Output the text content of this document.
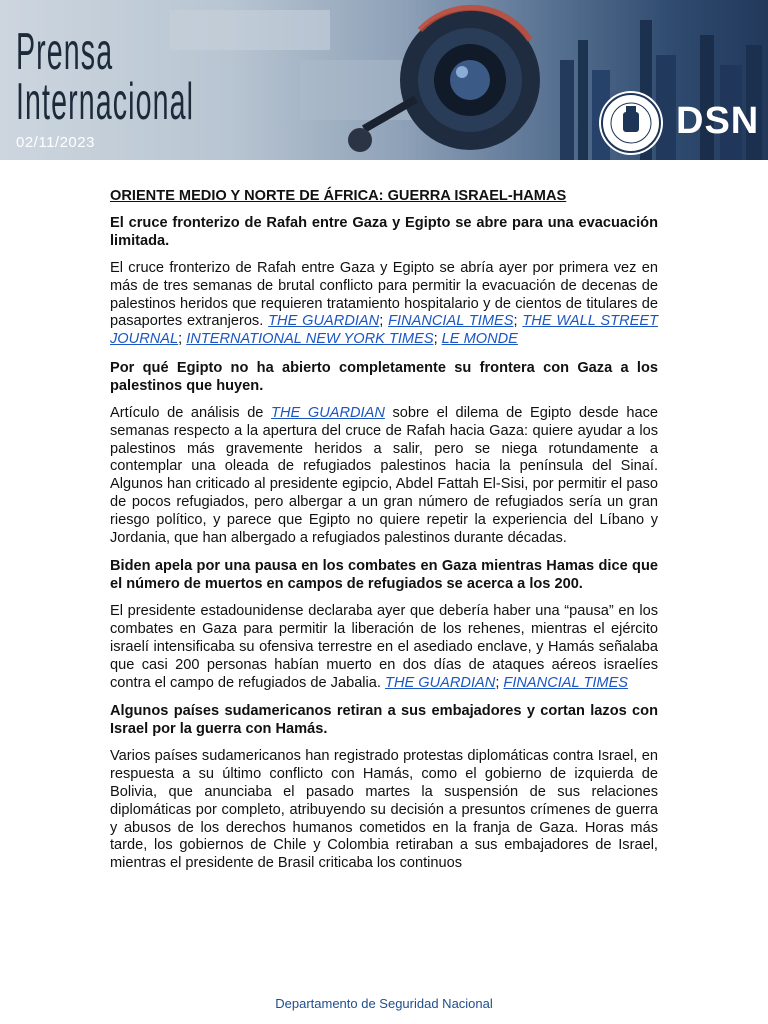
Prensa
Internacional
02/11/2023
DSN
ORIENTE MEDIO Y NORTE DE ÁFRICA: GUERRA ISRAEL-HAMAS
El cruce fronterizo de Rafah entre Gaza y Egipto se abre para una evacuación limitada.
El cruce fronterizo de Rafah entre Gaza y Egipto se abría ayer por primera vez en más de tres semanas de brutal conflicto para permitir la evacuación de decenas de palestinos heridos que requieren tratamiento hospitalario y de cientos de titulares de pasaportes extranjeros. THE GUARDIAN; FINANCIAL TIMES; THE WALL STREET JOURNAL; INTERNATIONAL NEW YORK TIMES; LE MONDE
Por qué Egipto no ha abierto completamente su frontera con Gaza a los palestinos que huyen.
Artículo de análisis de THE GUARDIAN sobre el dilema de Egipto desde hace semanas respecto a la apertura del cruce de Rafah hacia Gaza: quiere ayudar a los palestinos más gravemente heridos a salir, pero se niega rotundamente a contemplar una oleada de refugiados palestinos hacia la península del Sinaí. Algunos han criticado al presidente egipcio, Abdel Fattah El-Sisi, por permitir el paso de pocos refugiados, pero albergar a un gran número de refugiados sería un gran riesgo político, y parece que Egipto no quiere repetir la experiencia del Líbano y Jordania, que han albergado a refugiados palestinos durante décadas.
Biden apela por una pausa en los combates en Gaza mientras Hamas dice que el número de muertos en campos de refugiados se acerca a los 200.
El presidente estadounidense declaraba ayer que debería haber una “pausa” en los combates en Gaza para permitir la liberación de los rehenes, mientras el ejército israelí intensificaba su ofensiva terrestre en el asediado enclave, y Hamás señalaba que casi 200 personas habían muerto en dos días de ataques aéreos israelíes contra el campo de refugiados de Jabalia. THE GUARDIAN; FINANCIAL TIMES
Algunos países sudamericanos retiran a sus embajadores y cortan lazos con Israel por la guerra con Hamás.
Varios países sudamericanos han registrado protestas diplomáticas contra Israel, en respuesta a su último conflicto con Hamás, como el gobierno de izquierda de Bolivia, que anunciaba el pasado martes la suspensión de sus relaciones diplomáticas por completo, atribuyendo su decisión a presuntos crímenes de guerra y abusos de los derechos humanos cometidos en la franja de Gaza. Horas más tarde, los gobiernos de Chile y Colombia retiraban a sus embajadores de Israel, mientras el presidente de Brasil criticaba los continuos
Departamento de Seguridad Nacional
